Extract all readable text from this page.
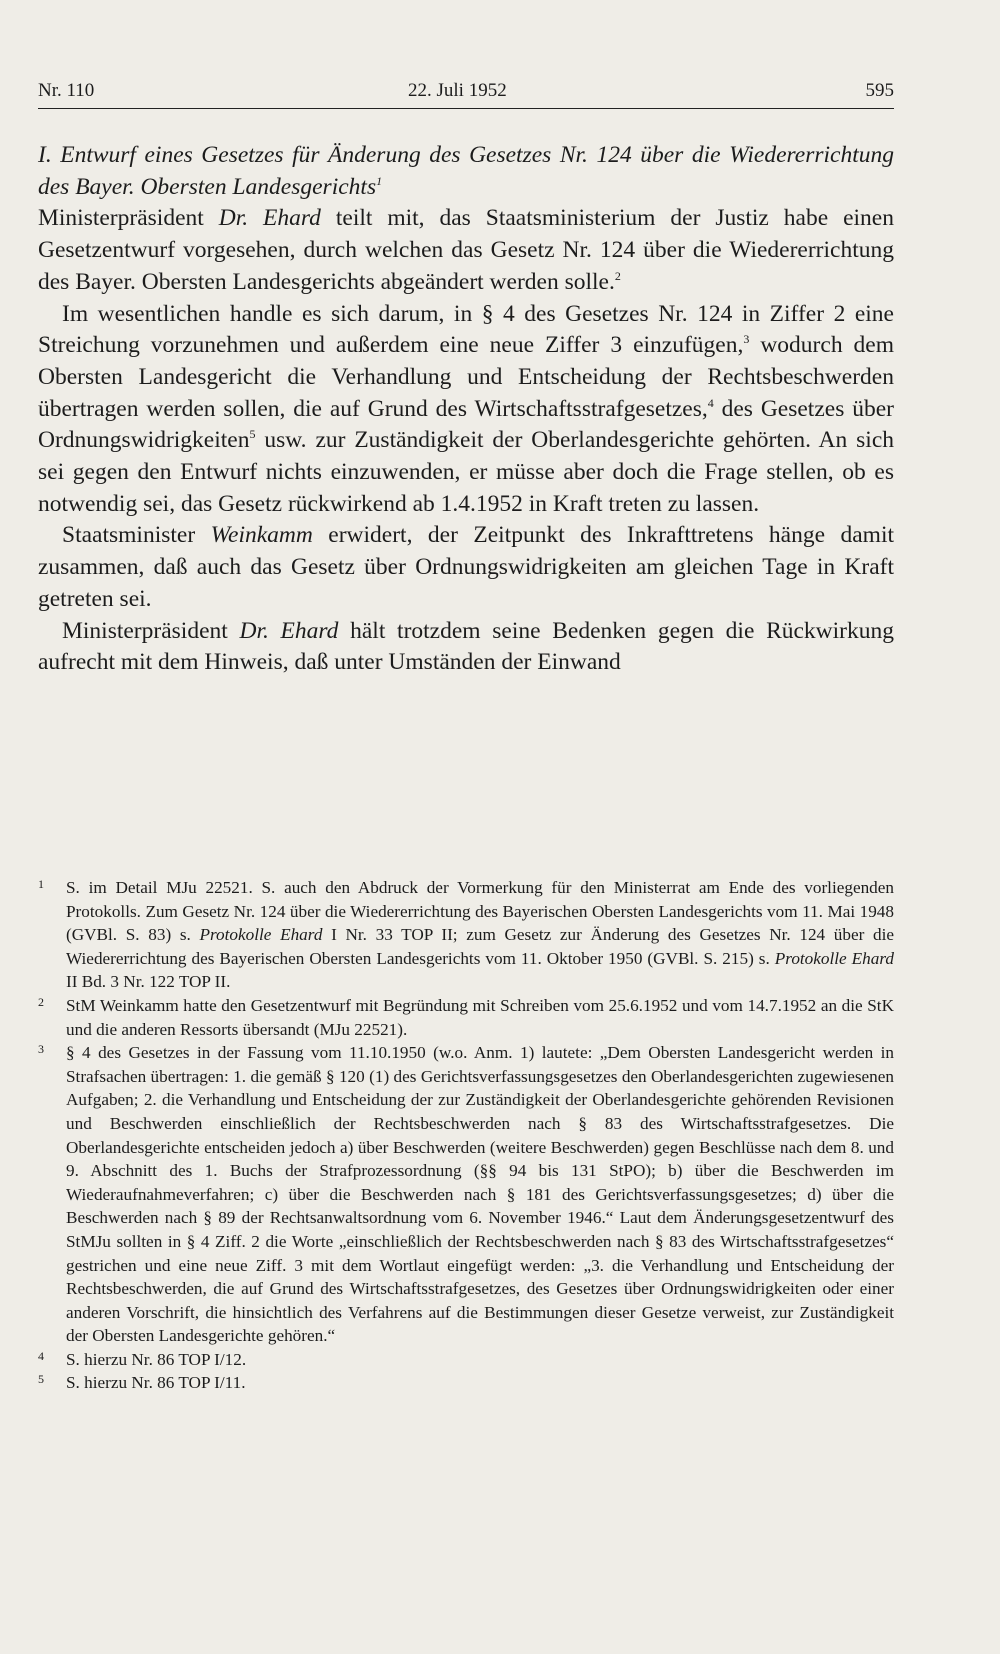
Nr. 110	22. Juli 1952	595

I. Entwurf eines Gesetzes für Änderung des Gesetzes Nr. 124 über die Wiedererrichtung des Bayer. Obersten Landesgerichts$^1$

Ministerpräsident Dr. Ehard teilt mit, das Staatsministerium der Justiz habe einen Gesetzentwurf vorgesehen, durch welchen das Gesetz Nr. 124 über die Wiedererrichtung des Bayer. Obersten Landesgerichts abgeändert werden solle.$^2$

Im wesentlichen handle es sich darum, in § 4 des Gesetzes Nr. 124 in Ziffer 2 eine Streichung vorzunehmen und außerdem eine neue Ziffer 3 einzufügen,$^3$ wodurch dem Obersten Landesgericht die Verhandlung und Entscheidung der Rechtsbeschwerden übertragen werden sollen, die auf Grund des Wirtschaftsstrafgesetzes,$^4$ des Gesetzes über Ordnungswidrigkeiten$^5$ usw. zur Zuständigkeit der Oberlandesgerichte gehörten. An sich sei gegen den Entwurf nichts einzuwenden, er müsse aber doch die Frage stellen, ob es notwendig sei, das Gesetz rückwirkend ab 1.4.1952 in Kraft treten zu lassen.

Staatsminister Weinkamm erwidert, der Zeitpunkt des Inkrafttretens hänge damit zusammen, daß auch das Gesetz über Ordnungswidrigkeiten am gleichen Tage in Kraft getreten sei.

Ministerpräsident Dr. Ehard hält trotzdem seine Bedenken gegen die Rückwirkung aufrecht mit dem Hinweis, daß unter Umständen der Einwand

1 S. im Detail MJu 22521. S. auch den Abdruck der Vormerkung für den Ministerrat am Ende des vorliegenden Protokolls. Zum Gesetz Nr. 124 über die Wiedererrichtung des Bayerischen Obersten Landesgerichts vom 11. Mai 1948 (GVBl. S. 83) s. Protokolle Ehard I Nr. 33 TOP II; zum Gesetz zur Änderung des Gesetzes Nr. 124 über die Wiedererrichtung des Bayerischen Obersten Landesgerichts vom 11. Oktober 1950 (GVBl. S. 215) s. Protokolle Ehard II Bd. 3 Nr. 122 TOP II.
2 StM Weinkamm hatte den Gesetzentwurf mit Begründung mit Schreiben vom 25.6.1952 und vom 14.7.1952 an die StK und die anderen Ressorts übersandt (MJu 22521).
3 § 4 des Gesetzes in der Fassung vom 11.10.1950 (w.o. Anm. 1) lautete: „Dem Obersten Landesgericht werden in Strafsachen übertragen: 1. die gemäß § 120 (1) des Gerichtsverfassungsgesetzes den Oberlandesgerichten zugewiesenen Aufgaben; 2. die Verhandlung und Entscheidung der zur Zuständigkeit der Oberlandesgerichte gehörenden Revisionen und Beschwerden einschließlich der Rechtsbeschwerden nach § 83 des Wirtschaftsstrafgesetzes. Die Oberlandesgerichte entscheiden jedoch a) über Beschwerden (weitere Beschwerden) gegen Beschlüsse nach dem 8. und 9. Abschnitt des 1. Buchs der Strafprozessordnung (§§ 94 bis 131 StPO); b) über die Beschwerden im Wiederaufnahmeverfahren; c) über die Beschwerden nach § 181 des Gerichtsverfassungsgesetzes; d) über die Beschwerden nach § 89 der Rechtsanwaltsordnung vom 6. November 1946.“ Laut dem Änderungsgesetzentwurf des StMJu sollten in § 4 Ziff. 2 die Worte „einschließlich der Rechtsbeschwerden nach § 83 des Wirtschaftsstrafgesetzes“ gestrichen und eine neue Ziff. 3 mit dem Wortlaut eingefügt werden: „3. die Verhandlung und Entscheidung der Rechtsbeschwerden, die auf Grund des Wirtschaftsstrafgesetzes, des Gesetzes über Ordnungswidrigkeiten oder einer anderen Vorschrift, die hinsichtlich des Verfahrens auf die Bestimmungen dieser Gesetze verweist, zur Zuständigkeit der Obersten Landesgerichte gehören.“
4 S. hierzu Nr. 86 TOP I/12.
5 S. hierzu Nr. 86 TOP I/11.
